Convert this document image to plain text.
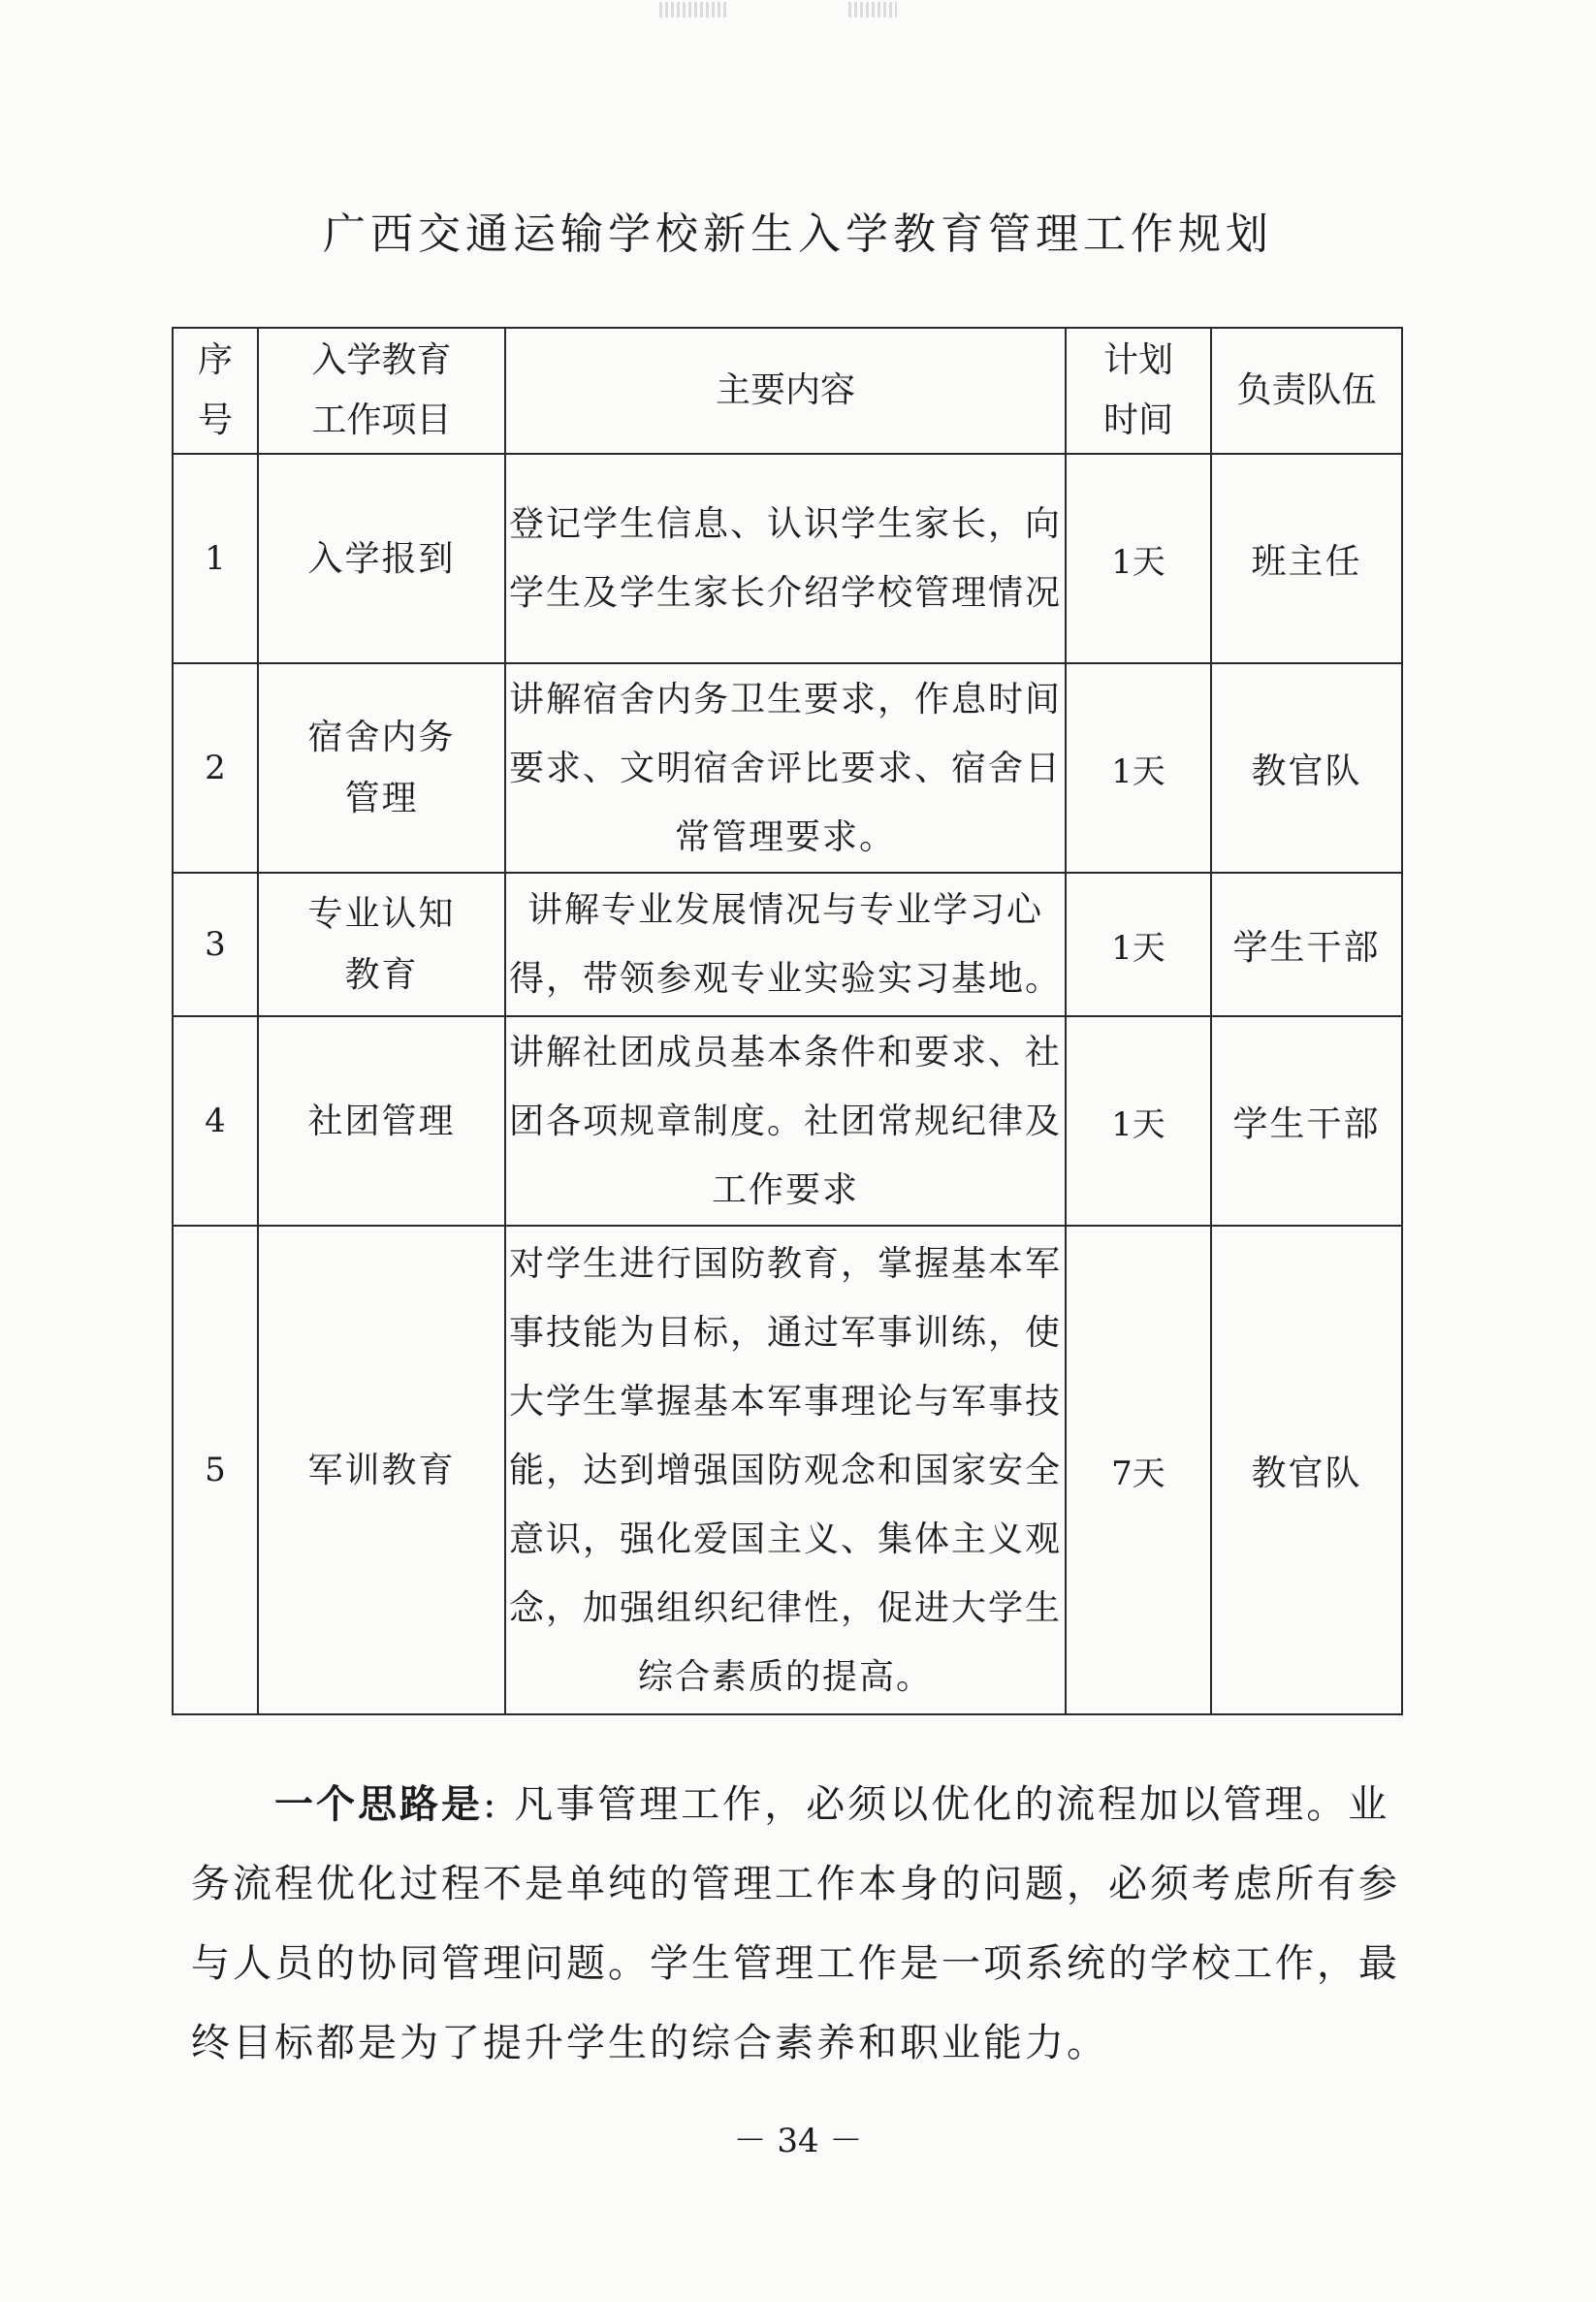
广西交通运输学校新生入学教育管理工作规划
序号	入学教育工作项目	主要内容	计划时间	负责队伍
1	入学报到	登记学生信息、认识学生家长，向学生及学生家长介绍学校管理情况	1天	班主任
2	宿舍内务管理	讲解宿舍内务卫生要求，作息时间要求、文明宿舍评比要求、宿舍日常管理要求。	1天	教官队
3	专业认知教育	讲解专业发展情况与专业学习心得，带领参观专业实验实习基地。	1天	学生干部
4	社团管理	讲解社团成员基本条件和要求、社团各项规章制度。社团常规纪律及工作要求	1天	学生干部
5	军训教育	对学生进行国防教育，掌握基本军事技能为目标，通过军事训练，使大学生掌握基本军事理论与军事技能，达到增强国防观念和国家安全意识，强化爱国主义、集体主义观念，加强组织纪律性，促进大学生综合素质的提高。	7天	教官队

一个思路是: 凡事管理工作，必须以优化的流程加以管理。业务流程优化过程不是单纯的管理工作本身的问题，必须考虑所有参与人员的协同管理问题。学生管理工作是一项系统的学校工作，最终目标都是为了提升学生的综合素养和职业能力。

－ 34 －
